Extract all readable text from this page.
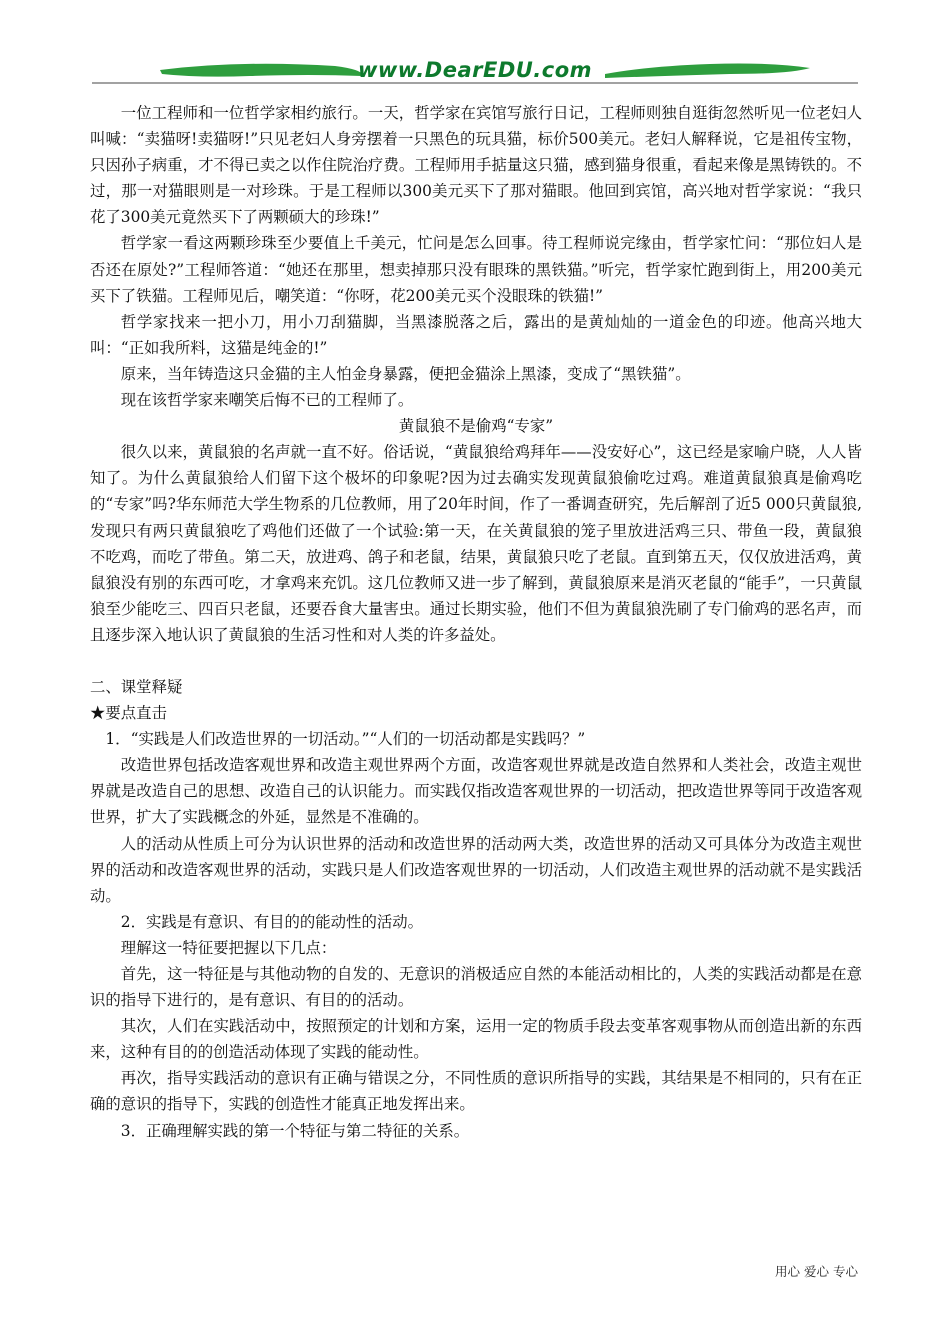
www.DearEDU.com

一位工程师和一位哲学家相约旅行。一天，哲学家在宾馆写旅行日记，工程师则独自逛街忽然听见一位老妇人叫喊：“卖猫呀!卖猫呀!”只见老妇人身旁摆着一只黑色的玩具猫，标价500美元。老妇人解释说，它是祖传宝物，只因孙子病重，才不得已卖之以作住院治疗费。工程师用手掂量这只猫，感到猫身很重，看起来像是黑铸铁的。不过，那一对猫眼则是一对珍珠。于是工程师以300美元买下了那对猫眼。他回到宾馆，高兴地对哲学家说：“我只花了300美元竟然买下了两颗硕大的珍珠!”

哲学家一看这两颗珍珠至少要值上千美元，忙问是怎么回事。待工程师说完缘由，哲学家忙问：“那位妇人是否还在原处?”工程师答道：“她还在那里，想卖掉那只没有眼珠的黑铁猫。”听完，哲学家忙跑到街上，用200美元买下了铁猫。工程师见后，嘲笑道：“你呀，花200美元买个没眼珠的铁猫!”

哲学家找来一把小刀，用小刀刮猫脚，当黑漆脱落之后，露出的是黄灿灿的一道金色的印迹。他高兴地大叫：“正如我所料，这猫是纯金的!”

原来，当年铸造这只金猫的主人怕金身暴露，便把金猫涂上黑漆，变成了“黑铁猫”。

现在该哲学家来嘲笑后悔不已的工程师了。

黄鼠狼不是偷鸡“专家”

很久以来，黄鼠狼的名声就一直不好。俗话说，“黄鼠狼给鸡拜年——没安好心”，这已经是家喻户晓，人人皆知了。为什么黄鼠狼给人们留下这个极坏的印象呢?因为过去确实发现黄鼠狼偷吃过鸡。难道黄鼠狼真是偷鸡吃的“专家”吗?华东师范大学生物系的几位教师，用了20年时间，作了一番调查研究，先后解剖了近5 000只黄鼠狼,发现只有两只黄鼠狼吃了鸡他们还做了一个试验:第一天，在关黄鼠狼的笼子里放进活鸡三只、带鱼一段，黄鼠狼不吃鸡，而吃了带鱼。第二天，放进鸡、鸽子和老鼠，结果，黄鼠狼只吃了老鼠。直到第五天，仅仅放进活鸡，黄鼠狼没有别的东西可吃，才拿鸡来充饥。这几位教师又进一步了解到，黄鼠狼原来是消灭老鼠的“能手”，一只黄鼠狼至少能吃三、四百只老鼠，还要吞食大量害虫。通过长期实验，他们不但为黄鼠狼洗刷了专门偷鸡的恶名声，而且逐步深入地认识了黄鼠狼的生活习性和对人类的许多益处。

二、课堂释疑

★要点直击

1．“实践是人们改造世界的一切活动。”“人们的一切活动都是实践吗？”

改造世界包括改造客观世界和改造主观世界两个方面，改造客观世界就是改造自然界和人类社会，改造主观世界就是改造自己的思想、改造自己的认识能力。而实践仅指改造客观世界的一切活动，把改造世界等同于改造客观世界，扩大了实践概念的外延，显然是不准确的。

人的活动从性质上可分为认识世界的活动和改造世界的活动两大类，改造世界的活动又可具体分为改造主观世界的活动和改造客观世界的活动，实践只是人们改造客观世界的一切活动，人们改造主观世界的活动就不是实践活动。

2．实践是有意识、有目的的能动性的活动。

理解这一特征要把握以下几点：

首先，这一特征是与其他动物的自发的、无意识的消极适应自然的本能活动相比的，人类的实践活动都是在意识的指导下进行的，是有意识、有目的的活动。

其次，人们在实践活动中，按照预定的计划和方案，运用一定的物质手段去变革客观事物从而创造出新的东西来，这种有目的的创造活动体现了实践的能动性。

再次，指导实践活动的意识有正确与错误之分，不同性质的意识所指导的实践，其结果是不相同的，只有在正确的意识的指导下，实践的创造性才能真正地发挥出来。

3．正确理解实践的第一个特征与第二特征的关系。

用心 爱心 专心
